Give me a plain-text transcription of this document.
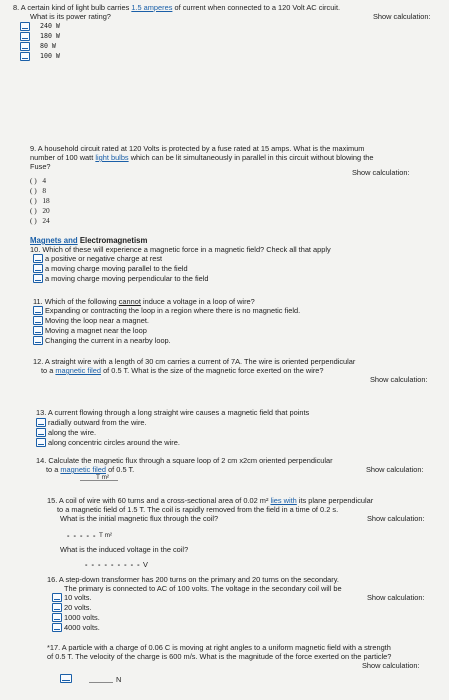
8. A certain kind of light bulb carries 1.5 amperes of current when connected to a 120 Volt AC circuit.
What is its power rating?	Show calculation:
240 W
180 W
80 W
100 W
9. A household circuit rated at 120 Volts is protected by a fuse rated at 15 amps. What is the maximum
number of 100 watt light bulbs which can be lit simultaneously in parallel in this circuit without blowing the
Fuse?
Show calculation:
( )   4
( )   8
( )   18
( )   20
( )   24
Magnets and Electromagnetism
10. Which of these will experience a magnetic force in a magnetic field? Check all that apply
a positive or negative charge at rest
a moving charge moving parallel to the field
a moving charge moving perpendicular to the field
11. Which of the following cannot induce a voltage in a loop of wire?
Expanding or contracting the loop in a region where there is no magnetic field.
Moving the loop near a magnet.
Moving a magnet near the loop
Changing the current in a nearby loop.
12. A straight wire with a length of 30 cm carries a current of 7A. The wire is oriented perpendicular
to a magnetic filed of 0.5 T. What is the size of the magnetic force exerted on the wire?
Show calculation:
13. A current flowing through a long straight wire causes a magnetic field that points
radially outward from the wire.
along the wire.
along concentric circles around the wire.
14. Calculate the magnetic flux through a square loop of 2 cm x2cm oriented perpendicular
to a magnetic filed of 0.5 T.	Show calculation:
T m²
15. A coil of wire with 60 turns and a cross-sectional area of 0.02 m² lies with its plane perpendicular
to a magnetic field of 1.5 T. The coil is rapidly removed from the field in a time of 0.2 s.
What is the initial magnetic flux through the coil?	Show calculation:
- - - - - T m²
What is the induced voltage in the coil?
- - - - - - - - - V
16. A step-down transformer has 200 turns on the primary and 20 turns on the secondary.
The primary is connected to AC of 100 volts. The voltage in the secondary coil will be
Show calculation:
10 volts.
20 volts.
1000 volts.
4000 volts.
*17. A particle with a charge of 0.06 C is moving at right angles to a uniform magnetic field with a strength
of 0.5 T. The velocity of the charge is 600 m/s. What is the magnitude of the force exerted on the particle?
Show calculation:
N
